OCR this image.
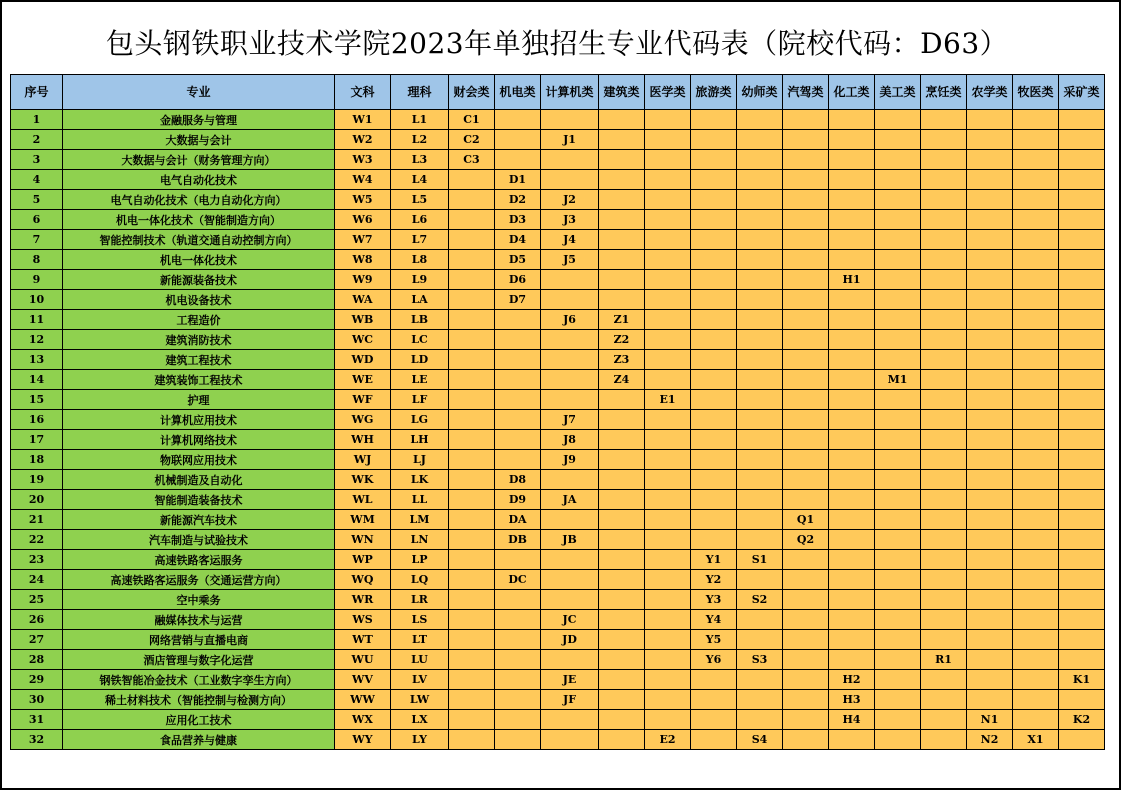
包头钢铁职业技术学院2023年单独招生专业代码表（院校代码：D63）
序号	专业	文科	理科	财会类	机电类	计算机类	建筑类	医学类	旅游类	幼师类	汽驾类	化工类	美工类	烹饪类	农学类	牧医类	采矿类
1	金融服务与管理	W1	L1	C1													
2	大数据与会计	W2	L2	C2		J1											
3	大数据与会计（财务管理方向）	W3	L3	C3													
4	电气自动化技术	W4	L4		D1												
5	电气自动化技术（电力自动化方向）	W5	L5		D2	J2											
6	机电一体化技术（智能制造方向）	W6	L6		D3	J3											
7	智能控制技术（轨道交通自动控制方向）	W7	L7		D4	J4											
8	机电一体化技术	W8	L8		D5	J5											
9	新能源装备技术	W9	L9		D6							H1					
10	机电设备技术	WA	LA		D7												
11	工程造价	WB	LB			J6	Z1										
12	建筑消防技术	WC	LC				Z2										
13	建筑工程技术	WD	LD				Z3										
14	建筑装饰工程技术	WE	LE				Z4						M1				
15	护理	WF	LF					E1									
16	计算机应用技术	WG	LG			J7											
17	计算机网络技术	WH	LH			J8											
18	物联网应用技术	WJ	LJ			J9											
19	机械制造及自动化	WK	LK		D8												
20	智能制造装备技术	WL	LL		D9	JA											
21	新能源汽车技术	WM	LM		DA						Q1						
22	汽车制造与试验技术	WN	LN		DB	JB					Q2						
23	高速铁路客运服务	WP	LP						Y1	S1							
24	高速铁路客运服务（交通运营方向）	WQ	LQ		DC				Y2								
25	空中乘务	WR	LR						Y3	S2							
26	融媒体技术与运营	WS	LS			JC			Y4								
27	网络营销与直播电商	WT	LT			JD			Y5								
28	酒店管理与数字化运营	WU	LU						Y6	S3				R1			
29	钢铁智能冶金技术（工业数字孪生方向）	WV	LV			JE						H2					K1
30	稀土材料技术（智能控制与检测方向）	WW	LW			JF						H3					
31	应用化工技术	WX	LX									H4			N1		K2
32	食品营养与健康	WY	LY					E2		S4					N2	X1	
